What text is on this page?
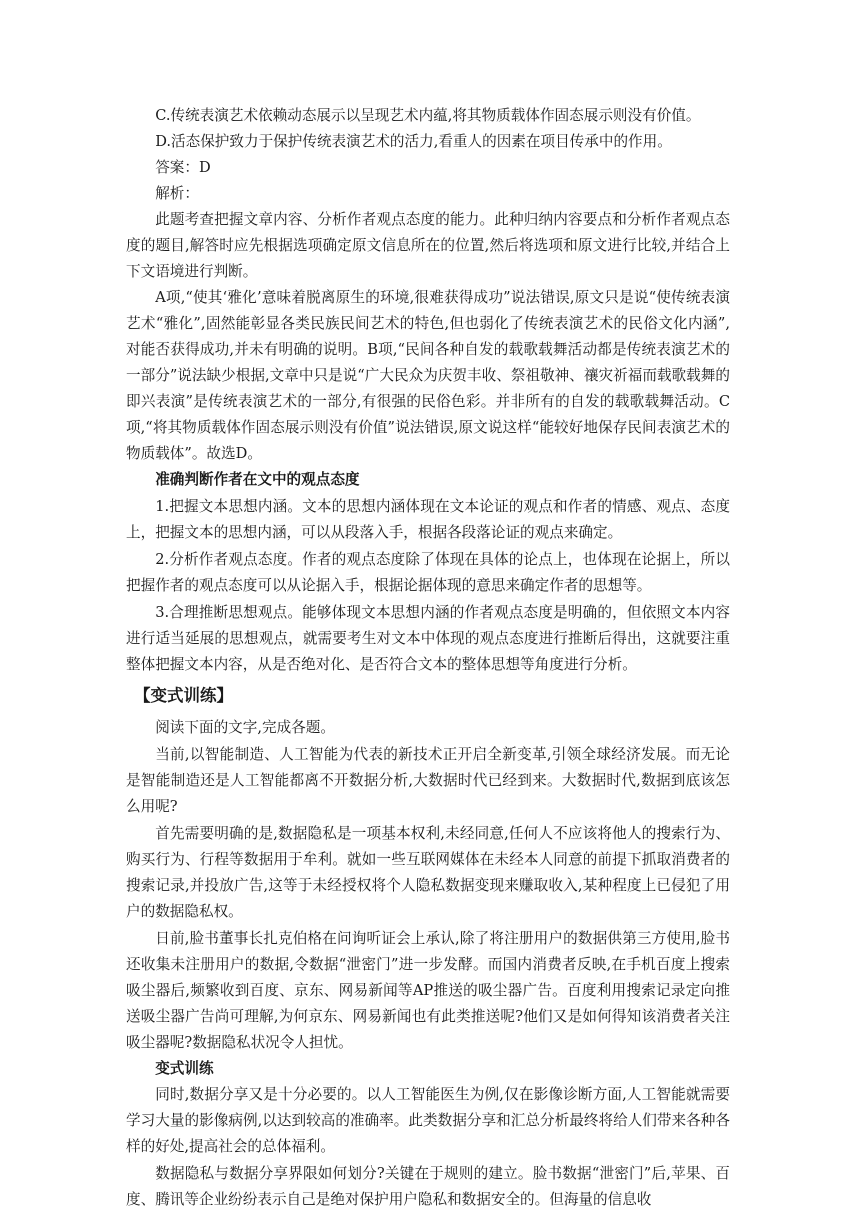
C.传统表演艺术依赖动态展示以呈现艺术内蕴,将其物质载体作固态展示则没有价值。

D.活态保护致力于保护传统表演艺术的活力,看重人的因素在项目传承中的作用。

答案：D

解析：

此题考查把握文章内容、分析作者观点态度的能力。此种归纳内容要点和分析作者观点态度的题目,解答时应先根据选项确定原文信息所在的位置,然后将选项和原文进行比较,并结合上下文语境进行判断。

A项,“使其‘雅化’意味着脱离原生的环境,很难获得成功”说法错误,原文只是说“使传统表演艺术“雅化”,固然能彰显各类民族民间艺术的特色,但也弱化了传统表演艺术的民俗文化内涵”,对能否获得成功,并未有明确的说明。B项,“民间各种自发的载歌载舞活动都是传统表演艺术的一部分”说法缺少根据,文章中只是说“广大民众为庆贺丰收、祭祖敬神、禳灾祈福而载歌载舞的即兴表演”是传统表演艺术的一部分,有很强的民俗色彩。并非所有的自发的载歌载舞活动。C项,“将其物质载体作固态展示则没有价值”说法错误,原文说这样“能较好地保存民间表演艺术的物质载体”。故选D。

准确判断作者在文中的观点态度

1.把握文本思想内涵。文本的思想内涵体现在文本论证的观点和作者的情感、观点、态度上，把握文本的思想内涵，可以从段落入手，根据各段落论证的观点来确定。

2.分析作者观点态度。作者的观点态度除了体现在具体的论点上，也体现在论据上，所以把握作者的观点态度可以从论据入手，根据论据体现的意思来确定作者的思想等。

3.合理推断思想观点。能够体现文本思想内涵的作者观点态度是明确的，但依照文本内容进行适当延展的思想观点，就需要考生对文本中体现的观点态度进行推断后得出，这就要注重整体把握文本内容，从是否绝对化、是否符合文本的整体思想等角度进行分析。

【变式训练】

阅读下面的文字,完成各题。

当前,以智能制造、人工智能为代表的新技术正开启全新变革,引领全球经济发展。而无论是智能制造还是人工智能都离不开数据分析,大数据时代已经到来。大数据时代,数据到底该怎么用呢?

首先需要明确的是,数据隐私是一项基本权利,未经同意,任何人不应该将他人的搜索行为、购买行为、行程等数据用于牟利。就如一些互联网媒体在未经本人同意的前提下抓取消费者的搜索记录,并投放广告,这等于未经授权将个人隐私数据变现来赚取收入,某种程度上已侵犯了用户的数据隐私权。

日前,脸书董事长扎克伯格在问询听证会上承认,除了将注册用户的数据供第三方使用,脸书还收集未注册用户的数据,令数据“泄密门”进一步发酵。而国内消费者反映,在手机百度上搜索吸尘器后,频繁收到百度、京东、网易新闻等AP推送的吸尘器广告。百度利用搜索记录定向推送吸尘器广告尚可理解,为何京东、网易新闻也有此类推送呢?他们又是如何得知该消费者关注吸尘器呢?数据隐私状况令人担忧。

变式训练

同时,数据分享又是十分必要的。以人工智能医生为例,仅在影像诊断方面,人工智能就需要学习大量的影像病例,以达到较高的准确率。此类数据分享和汇总分析最终将给人们带来各种各样的好处,提高社会的总体福利。

数据隐私与数据分享界限如何划分?关键在于规则的建立。脸书数据“泄密门”后,苹果、百度、腾讯等企业纷纷表示自己是绝对保护用户隐私和数据安全的。但海量的信息收
